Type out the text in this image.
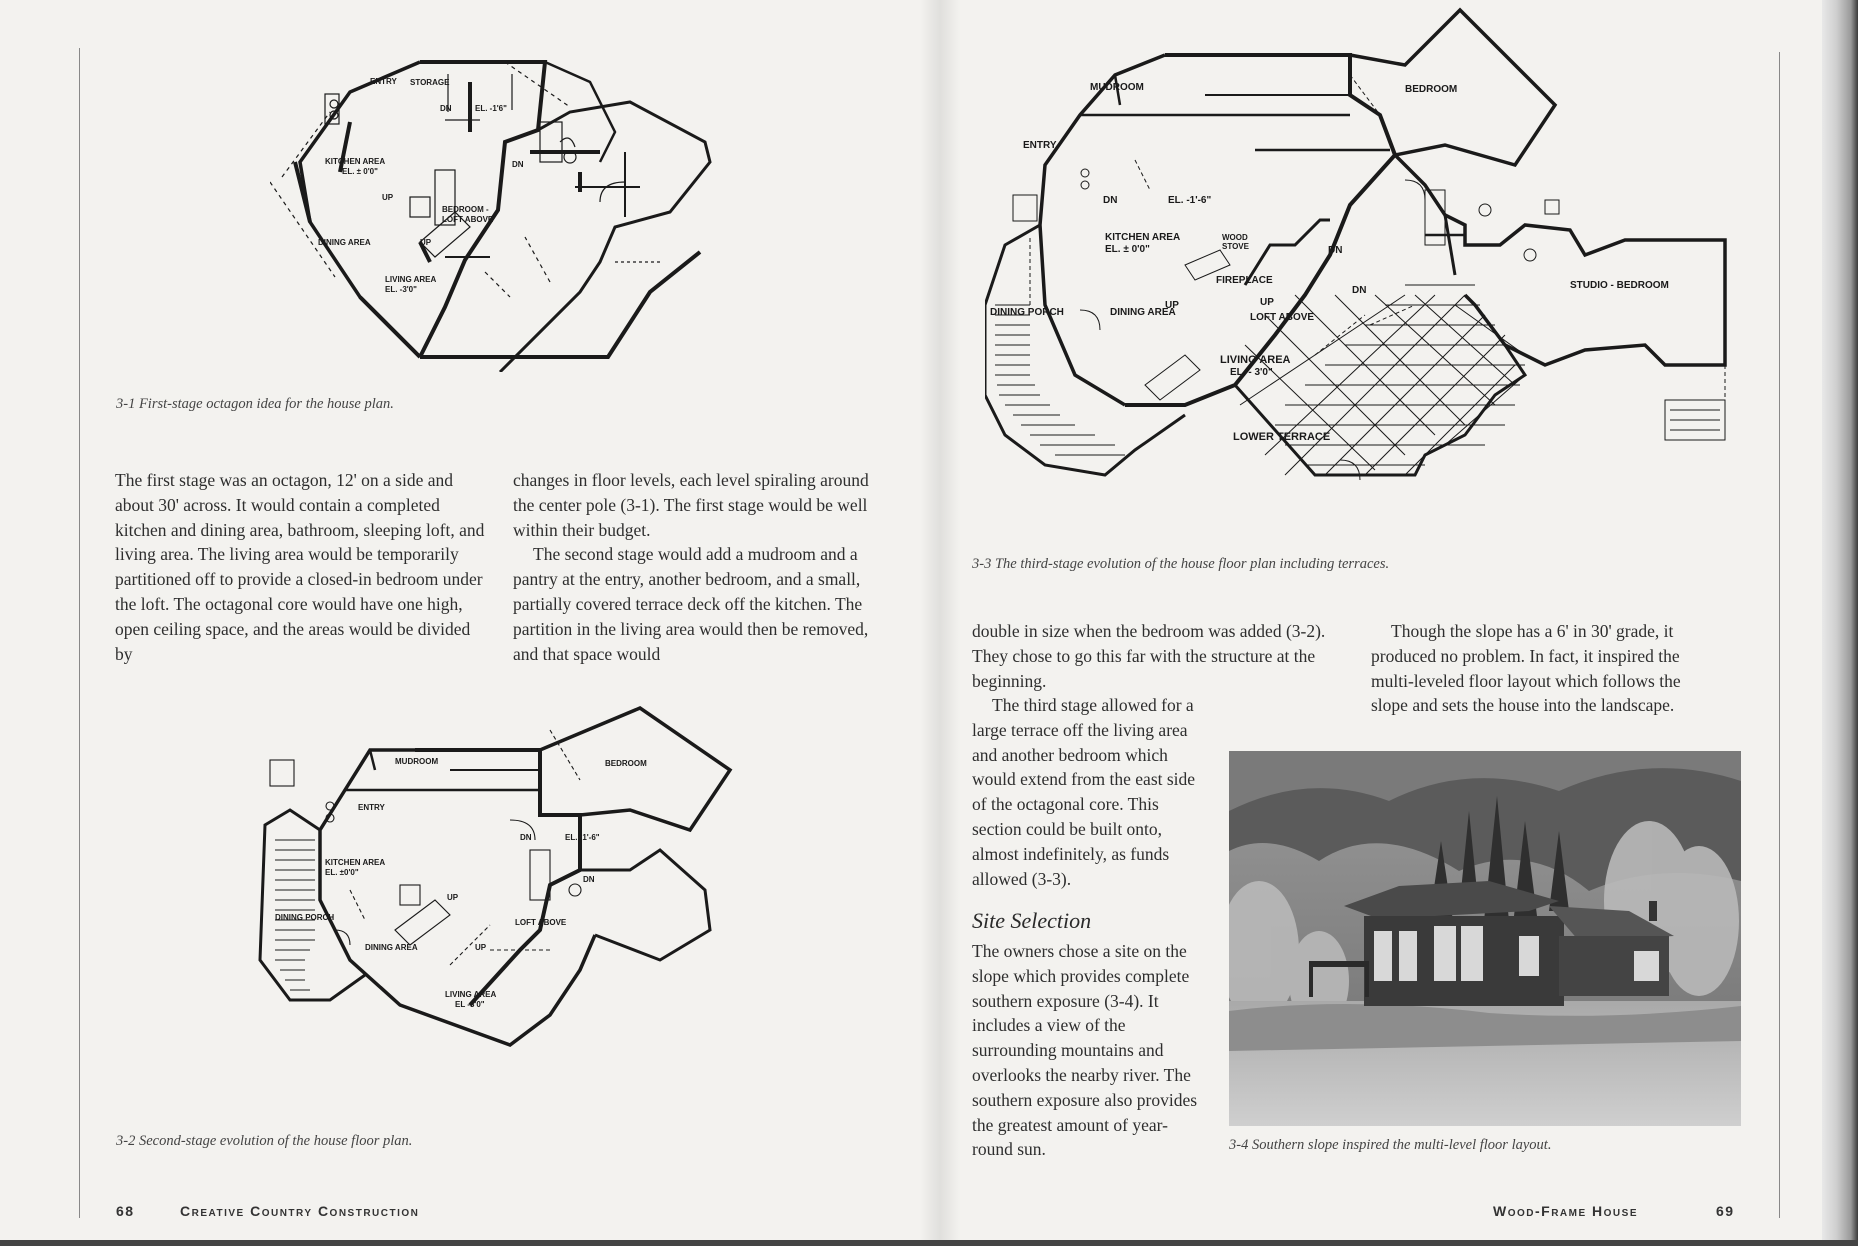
ENTRY STORAGE
DN	EL. -1'6"
KITCHEN AREA
EL. ± 0'0"
DN
UP
BEDROOM -
LOFT ABOVE
DINING AREA	UP
LIVING AREA
EL. -3'0"
3-1 First-stage octagon idea for the house plan.

The first stage was an octagon, 12' on a side and about 30' across. It would contain a completed kitchen and dining area, bathroom, sleeping loft, and living area. The living area would be temporarily partitioned off to provide a closed-in bedroom under the loft. The octagonal core would have one high, open ceiling space, and the areas would be divided by

changes in floor levels, each level spiraling around the center pole (3-1). The first stage would be well within their budget.

The second stage would add a mudroom and a pantry at the entry, another bedroom, and a small, partially covered terrace deck off the kitchen. The partition in the living area would then be removed, and that space would

MUDROOM	BEDROOM
ENTRY
DN	EL. -1'-6"
KITCHEN AREA
EL. ±0'0"
DN
UP
DINING PORCH
LOFT ABOVE
DINING AREA	UP
LIVING AREA
EL -3'0"
3-2 Second-stage evolution of the house floor plan.
68	Creative Country Construction
MUDROOM	BEDROOM
ENTRY
DN	EL. -1'-6"
KITCHEN AREA
EL. ± 0'0"
WOOD
STOVE
FIREPLACE
DN
DN
UP
LOFT ABOVE
STUDIO - BEDROOM
DINING PORCH	DINING AREA
UP
LIVING AREA
EL. - 3'0"
LOWER TERRACE
3-3 The third-stage evolution of the house floor plan including terraces.

double in size when the bedroom was added (3-2). They chose to go this far with the structure at the beginning.

The third stage allowed for a large terrace off the living area and another bedroom which would extend from the east side of the octagonal core. This section could be built onto, almost indefinitely, as funds allowed (3-3).

Though the slope has a 6' in 30' grade, it produced no problem. In fact, it inspired the multi-leveled floor layout which follows the slope and sets the house into the landscape.

Site Selection

The owners chose a site on the slope which provides complete southern exposure (3-4). It includes a view of the surrounding mountains and overlooks the nearby river. The southern exposure also provides the greatest amount of year-round sun.	3-4 Southern slope inspired the multi-level floor layout.
Wood-Frame House	69
